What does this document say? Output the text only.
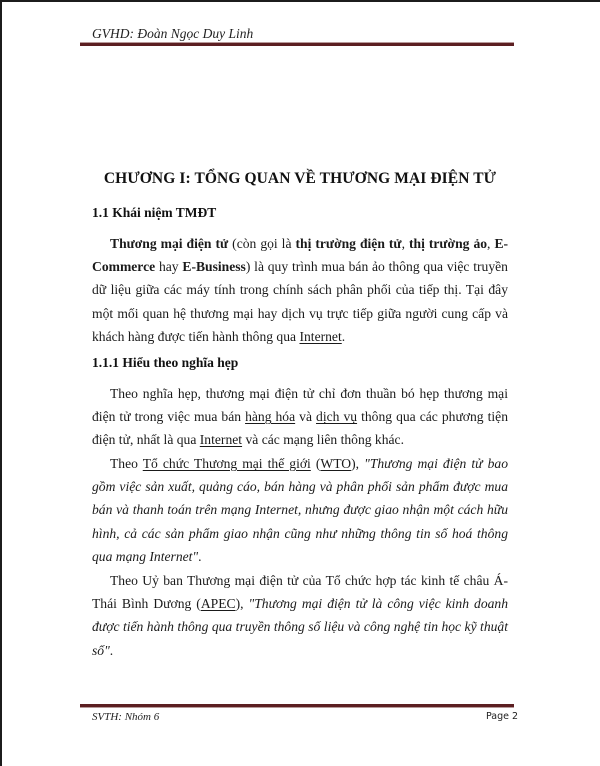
GVHD: Đoàn Ngọc Duy Linh
CHƯƠNG I: TỔNG QUAN VỀ THƯƠNG MẠI ĐIỆN TỬ
1.1 Khái niệm TMĐT
Thương mại điện tử (còn gọi là thị trường điện tử, thị trường ảo, E-Commerce hay E-Business) là quy trình mua bán ảo thông qua việc truyền dữ liệu giữa các máy tính trong chính sách phân phối của tiếp thị. Tại đây một mối quan hệ thương mại hay dịch vụ trực tiếp giữa người cung cấp và khách hàng được tiến hành thông qua Internet.
1.1.1 Hiểu theo nghĩa hẹp
Theo nghĩa hẹp, thương mại điện tử chỉ đơn thuần bó hẹp thương mại điện tử trong việc mua bán hàng hóa và dịch vụ thông qua các phương tiện điện tử, nhất là qua Internet và các mạng liên thông khác.
Theo Tổ chức Thương mại thế giới (WTO), "Thương mại điện tử bao gồm việc sản xuất, quảng cáo, bán hàng và phân phối sản phẩm được mua bán và thanh toán trên mạng Internet, nhưng được giao nhận một cách hữu hình, cả các sản phẩm giao nhận cũng như những thông tin số hoá thông qua mạng Internet".
Theo Uỷ ban Thương mại điện tử của Tổ chức hợp tác kinh tế châu Á-Thái Bình Dương (APEC), "Thương mại điện tử là công việc kinh doanh được tiến hành thông qua truyền thông số liệu và công nghệ tin học kỹ thuật số".
SVTH: Nhóm 6	Page 2
